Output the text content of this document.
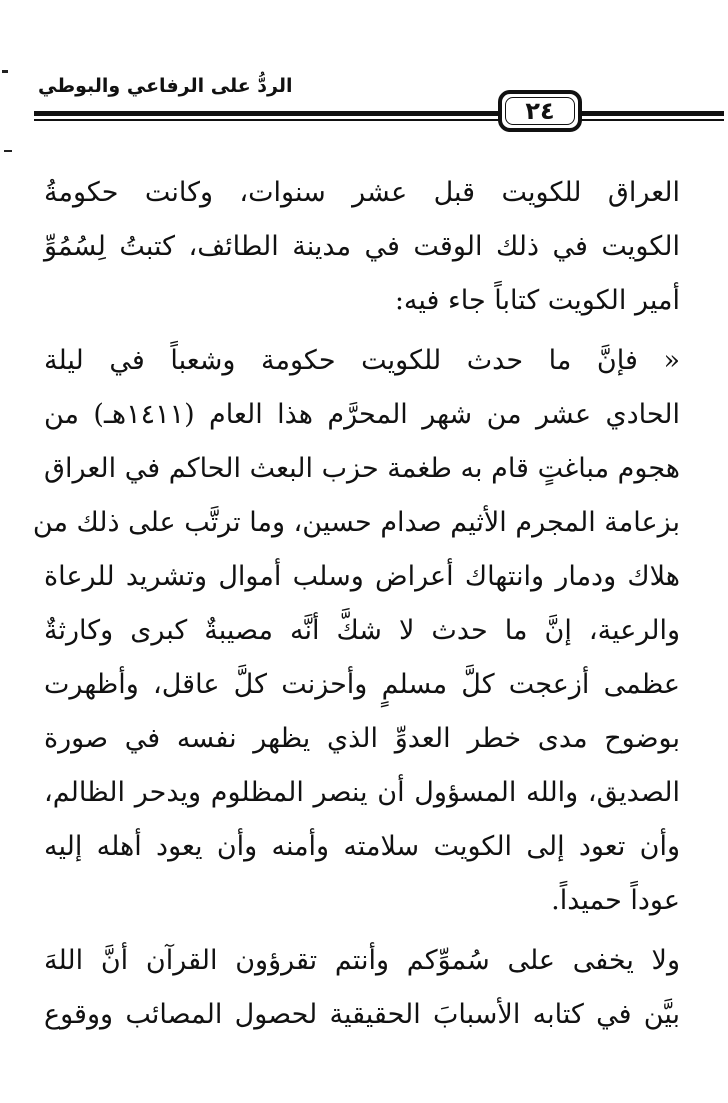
الردُّ على الرفاعي والبوطي
٢٤
العراق للكويت قبل عشر سنوات، وكانت حكومةُ
الكويت في ذلك الوقت في مدينة الطائف، كتبتُ لِسُمُوِّ
أمير الكويت كتاباً جاء فيه:
« فإنَّ ما حدث للكويت حكومة وشعباً في ليلة
الحادي عشر من شهر المحرَّم هذا العام (١٤١١هـ) من
هجوم مباغتٍ قام به طغمة حزب البعث الحاكم في العراق
بزعامة المجرم الأثيم صدام حسين، وما ترتَّب على ذلك من
هلاك ودمار وانتهاك أعراض وسلب أموال وتشريد للرعاة
والرعية، إنَّ ما حدث لا شكَّ أنَّه مصيبةٌ كبرى وكارثةٌ
عظمى أزعجت كلَّ مسلمٍ وأحزنت كلَّ عاقل، وأظهرت
بوضوح مدى خطر العدوِّ الذي يظهر نفسه في صورة
الصديق، والله المسؤول أن ينصر المظلوم ويدحر الظالم،
وأن تعود إلى الكويت سلامته وأمنه وأن يعود أهله إليه
عوداً حميداً.
ولا يخفى على سُموِّكم وأنتم تقرؤون القرآن أنَّ اللهَ
بيَّن في كتابه الأسبابَ الحقيقية لحصول المصائب ووقوع
